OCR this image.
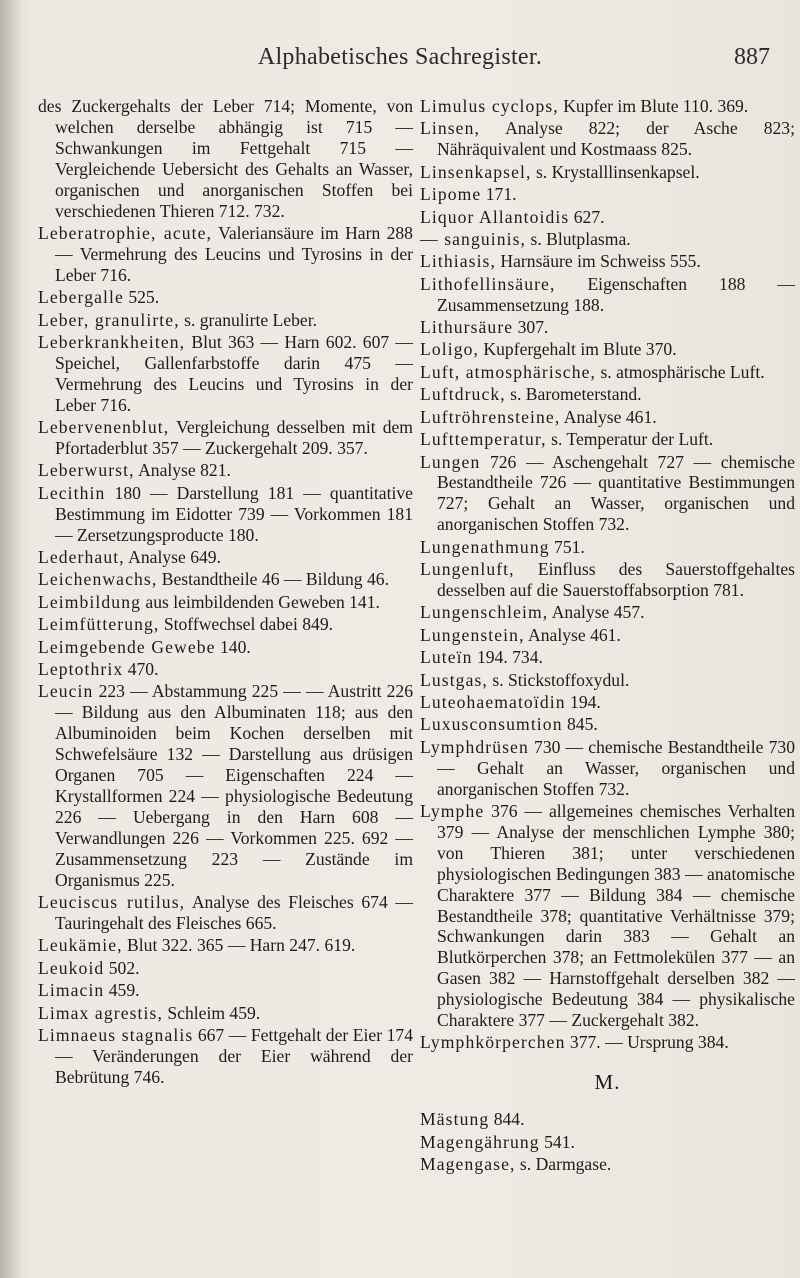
Alphabetisches Sachregister.	887
des Zuckergehalts der Leber 714; Momente, von welchen derselbe abhängig ist 715 — Schwankungen im Fettgehalt 715 — Vergleichende Uebersicht des Gehalts an Wasser, organischen und anorganischen Stoffen bei verschiedenen Thieren 712. 732.
Leberatrophie, acute, Valeriansäure im Harn 288 — Vermehrung des Leucins und Tyrosins in der Leber 716.
Lebergalle 525.
Leber, granulirte, s. granulirte Leber.
Leberkrankheiten, Blut 363 — Harn 602. 607 — Speichel, Gallenfarbstoffe darin 475 — Vermehrung des Leucins und Tyrosins in der Leber 716.
Lebervenenblut, Vergleichung desselben mit dem Pfortaderblut 357 — Zuckergehalt 209. 357.
Leberwurst, Analyse 821.
Lecithin 180 — Darstellung 181 — quantitative Bestimmung im Eidotter 739 — Vorkommen 181 — Zersetzungsproducte 180.
Lederhaut, Analyse 649.
Leichenwachs, Bestandtheile 46 — Bildung 46.
Leimbildung aus leimbildenden Geweben 141.
Leimfütterung, Stoffwechsel dabei 849.
Leimgebende Gewebe 140.
Leptothrix 470.
Leucin 223 — Abstammung 225 — — Austritt 226 — Bildung aus den Albuminaten 118; aus den Albuminoiden beim Kochen derselben mit Schwefelsäure 132 — Darstellung aus drüsigen Organen 705 — Eigenschaften 224 — Krystallformen 224 — physiologische Bedeutung 226 — Uebergang in den Harn 608 — Verwandlungen 226 — Vorkommen 225. 692 — Zusammensetzung 223 — Zustände im Organismus 225.
Leuciscus rutilus, Analyse des Fleisches 674 — Tauringehalt des Fleisches 665.
Leukämie, Blut 322. 365 — Harn 247. 619.
Leukoid 502.
Limacin 459.
Limax agrestis, Schleim 459.
Limnaeus stagnalis 667 — Fettgehalt der Eier 174 — Veränderungen der Eier während der Bebrütung 746.
Limulus cyclops, Kupfer im Blute 110. 369.
Linsen, Analyse 822; der Asche 823; Nähräquivalent und Kostmaass 825.
Linsenkapsel, s. Krystalllinsenkapsel.
Lipome 171.
Liquor Allantoidis 627.
— sanguinis, s. Blutplasma.
Lithiasis, Harnsäure im Schweiss 555.
Lithofellinsäure, Eigenschaften 188 — Zusammensetzung 188.
Lithursäure 307.
Loligo, Kupfergehalt im Blute 370.
Luft, atmosphärische, s. atmosphärische Luft.
Luftdruck, s. Barometerstand.
Luftröhrensteine, Analyse 461.
Lufttemperatur, s. Temperatur der Luft.
Lungen 726 — Aschengehalt 727 — chemische Bestandtheile 726 — quantitative Bestimmungen 727; Gehalt an Wasser, organischen und anorganischen Stoffen 732.
Lungenathmung 751.
Lungenluft, Einfluss des Sauerstoffgehaltes desselben auf die Sauerstoffabsorption 781.
Lungenschleim, Analyse 457.
Lungenstein, Analyse 461.
Luteïn 194. 734.
Lustgas, s. Stickstoffoxydul.
Luteohaematoïdin 194.
Luxusconsumtion 845.
Lymphdrüsen 730 — chemische Bestandtheile 730 — Gehalt an Wasser, organischen und anorganischen Stoffen 732.
Lymphe 376 — allgemeines chemisches Verhalten 379 — Analyse der menschlichen Lymphe 380; von Thieren 381; unter verschiedenen physiologischen Bedingungen 383 — anatomische Charaktere 377 — Bildung 384 — chemische Bestandtheile 378; quantitative Verhältnisse 379; Schwankungen darin 383 — Gehalt an Blutkörperchen 378; an Fettmolekülen 377 — an Gasen 382 — Harnstoffgehalt derselben 382 — physiologische Bedeutung 384 — physikalische Charaktere 377 — Zuckergehalt 382.
Lymphkörperchen 377. — Ursprung 384.
M.
Mästung 844.
Magengährung 541.
Magengase, s. Darmgase.
